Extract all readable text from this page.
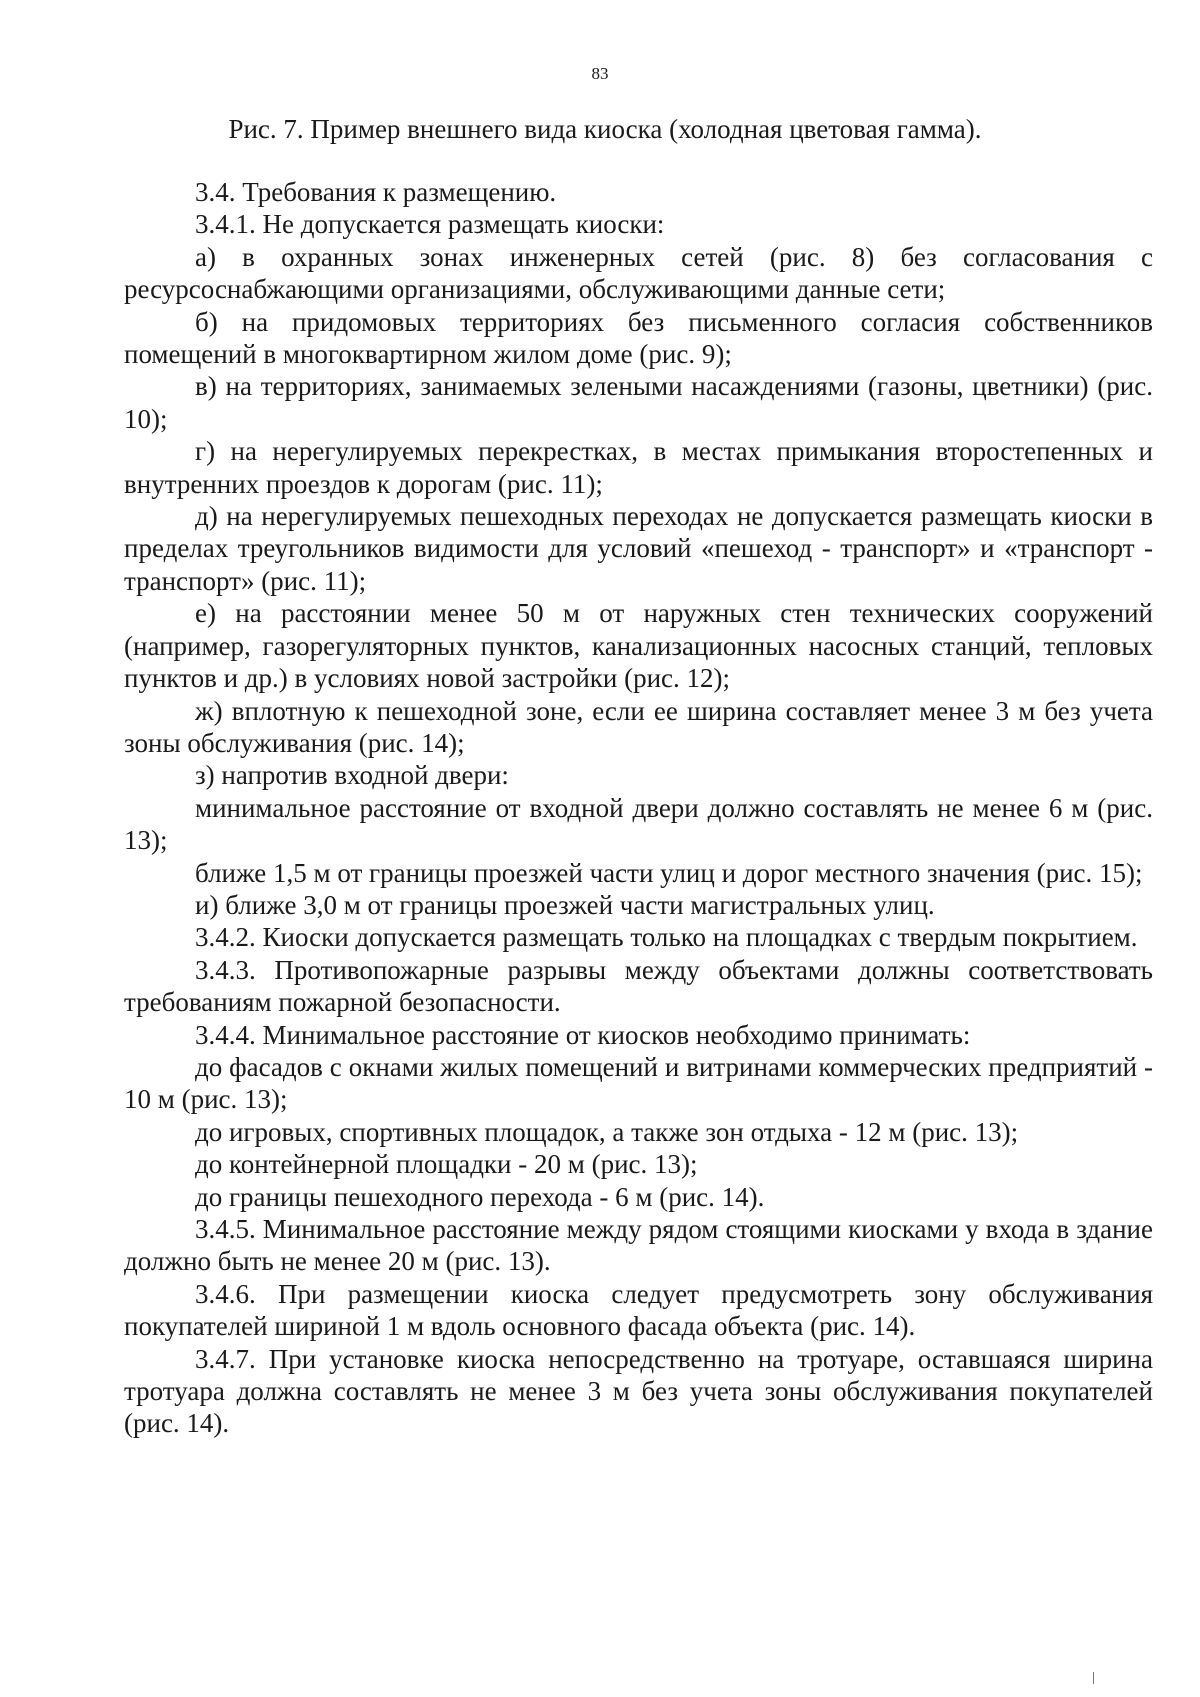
83
Рис. 7. Пример внешнего вида киоска (холодная цветовая гамма).

3.4. Требования к размещению.

3.4.1. Не допускается размещать киоски:

а) в охранных зонах инженерных сетей (рис. 8) без согласования с ресурсоснабжающими организациями, обслуживающими данные сети;

б) на придомовых территориях без письменного согласия собственников помещений в многоквартирном жилом доме (рис. 9);

в) на территориях, занимаемых зелеными насаждениями (газоны, цветники) (рис. 10);

г) на нерегулируемых перекрестках, в местах примыкания второстепенных и внутренних проездов к дорогам (рис. 11);

д) на нерегулируемых пешеходных переходах не допускается размещать киоски в пределах треугольников видимости для условий «пешеход - транспорт» и «транспорт - транспорт» (рис. 11);

е) на расстоянии менее 50 м от наружных стен технических сооружений (например, газорегуляторных пунктов, канализационных насосных станций, тепловых пунктов и др.) в условиях новой застройки (рис. 12);

ж) вплотную к пешеходной зоне, если ее ширина составляет менее 3 м без учета зоны обслуживания (рис. 14);

з) напротив входной двери:

минимальное расстояние от входной двери должно составлять не менее 6 м (рис. 13);

ближе 1,5 м от границы проезжей части улиц и дорог местного значения (рис. 15);

и) ближе 3,0 м от границы проезжей части магистральных улиц.

3.4.2. Киоски допускается размещать только на площадках с твердым покрытием.

3.4.3. Противопожарные разрывы между объектами должны соответствовать требованиям пожарной безопасности.

3.4.4. Минимальное расстояние от киосков необходимо принимать:

до фасадов с окнами жилых помещений и витринами коммерческих предприятий - 10 м (рис. 13);

до игровых, спортивных площадок, а также зон отдыха - 12 м (рис. 13);

до контейнерной площадки - 20 м (рис. 13);

до границы пешеходного перехода - 6 м (рис. 14).

3.4.5. Минимальное расстояние между рядом стоящими киосками у входа в здание должно быть не менее 20 м (рис. 13).

3.4.6. При размещении киоска следует предусмотреть зону обслуживания покупателей шириной 1 м вдоль основного фасада объекта (рис. 14).

3.4.7. При установке киоска непосредственно на тротуаре, оставшаяся ширина тротуара должна составлять не менее 3 м без учета зоны обслуживания покупателей (рис. 14).
